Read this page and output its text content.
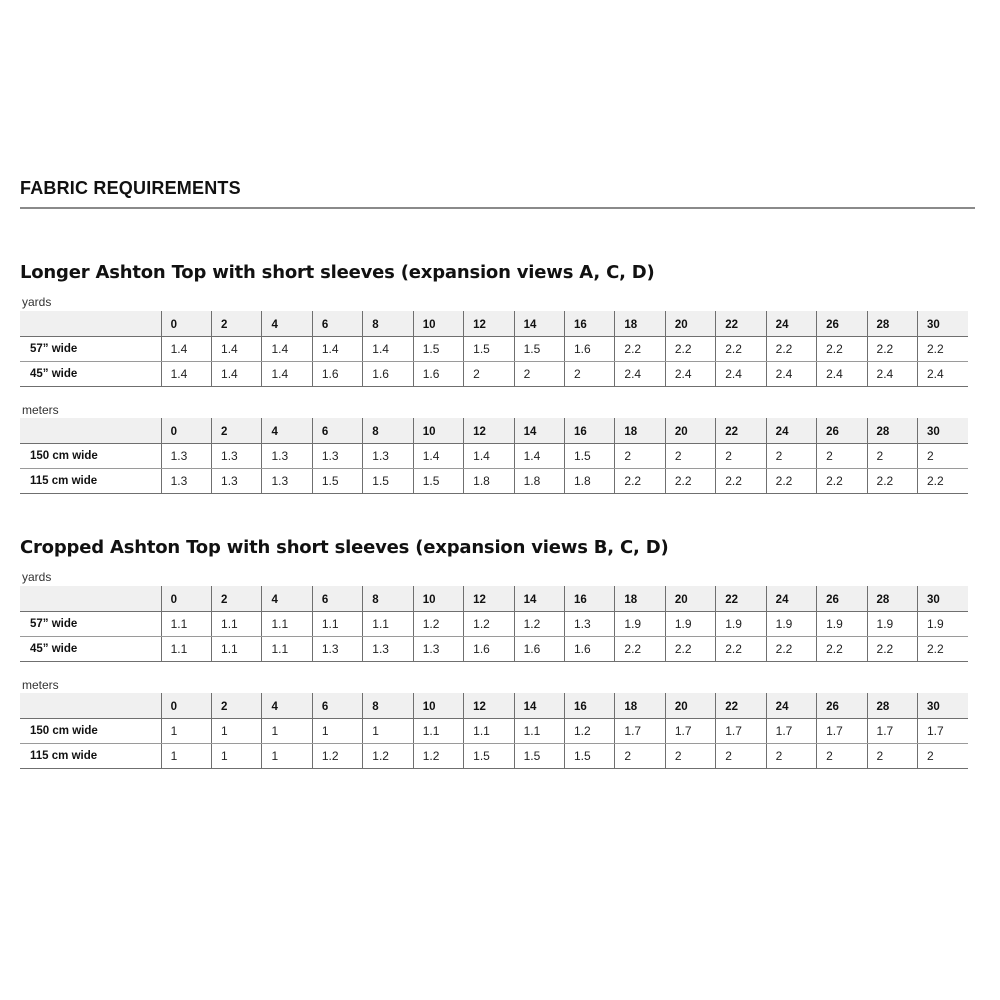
FABRIC REQUIREMENTS
Longer Ashton Top with short sleeves (expansion views A, C, D)
yards
	0	2	4	6	8	10	12	14	16	18	20	22	24	26	28	30
57” wide	1.4	1.4	1.4	1.4	1.4	1.5	1.5	1.5	1.6	2.2	2.2	2.2	2.2	2.2	2.2	2.2
45” wide	1.4	1.4	1.4	1.6	1.6	1.6	2	2	2	2.4	2.4	2.4	2.4	2.4	2.4	2.4
meters
	0	2	4	6	8	10	12	14	16	18	20	22	24	26	28	30
150 cm wide	1.3	1.3	1.3	1.3	1.3	1.4	1.4	1.4	1.5	2	2	2	2	2	2	2
115 cm wide	1.3	1.3	1.3	1.5	1.5	1.5	1.8	1.8	1.8	2.2	2.2	2.2	2.2	2.2	2.2	2.2
Cropped Ashton Top with short sleeves (expansion views B, C, D)
yards
	0	2	4	6	8	10	12	14	16	18	20	22	24	26	28	30
57” wide	1.1	1.1	1.1	1.1	1.1	1.2	1.2	1.2	1.3	1.9	1.9	1.9	1.9	1.9	1.9	1.9
45” wide	1.1	1.1	1.1	1.3	1.3	1.3	1.6	1.6	1.6	2.2	2.2	2.2	2.2	2.2	2.2	2.2
meters
	0	2	4	6	8	10	12	14	16	18	20	22	24	26	28	30
150 cm wide	1	1	1	1	1	1.1	1.1	1.1	1.2	1.7	1.7	1.7	1.7	1.7	1.7	1.7
115 cm wide	1	1	1	1.2	1.2	1.2	1.5	1.5	1.5	2	2	2	2	2	2	2
